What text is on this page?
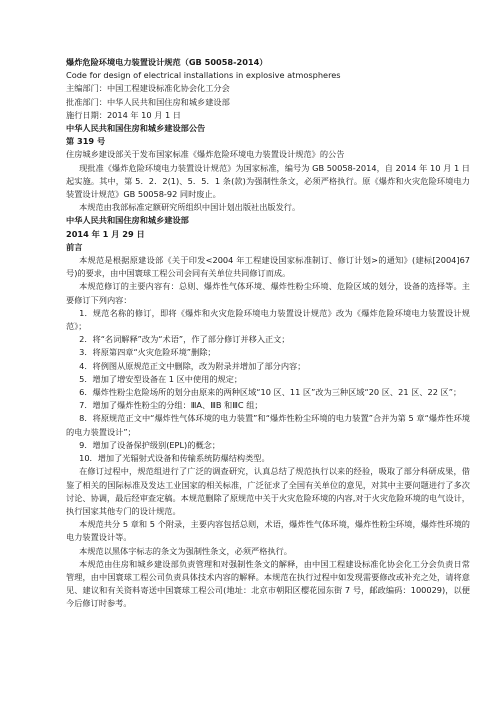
爆炸危险环境电力装置设计规范（GB 50058-2014）
Code for design of electrical installations in explosive atmospheres
主编部门：中国工程建设标准化协会化工分会
批准部门：中华人民共和国住房和城乡建设部
施行日期：2014 年 10 月 1 日
中华人民共和国住房和城乡建设部公告
第 319 号
住房城乡建设部关于发布国家标准《爆炸危险环境电力装置设计规范》的公告
现批准《爆炸危险环境电力装置设计规范》为国家标准，编号为 GB 50058-2014，自 2014 年 10 月 1 日起实施。其中，第 5．2．2(1)、5．5．1 条(款)为强制性条文，必须严格执行。原《爆炸和火灾危险环境电力装置设计规范》GB 50058-92 同时废止。
本规范由我部标准定额研究所组织中国计划出版社出版发行。
中华人民共和国住房和城乡建设部
2014 年 1 月 29 日
前言
本规范是根据原建设部《关于印发<2004 年工程建设国家标准制订、修订计划>的通知》(建标[2004]67 号)的要求，由中国寰球工程公司会同有关单位共同修订而成。
本规范修订的主要内容有：总则、爆炸性气体环境、爆炸性粉尘环境、危险区域的划分，设备的选择等。主要修订下列内容：
1．规范名称的修订，即将《爆炸和火灾危险环境电力装置设计规范》改为《爆炸危险环境电力装置设计规范》；
2．将“名词解释”改为“术语”，作了部分修订并移入正文；
3．将原第四章“火灾危险环境”删除；
4．将例图从原规范正文中删除，改为附录并增加了部分内容；
5．增加了增安型设备在 1 区中使用的规定；
6．爆炸性粉尘危险场所的划分由原来的两种区域“10 区、11 区”改为三种区域“20 区、21 区、22 区”；
7．增加了爆炸性粉尘的分组：ⅢA、ⅢB 和ⅢC 组；
8．将原规范正文中“爆炸性气体环境的电力装置”和“爆炸性粉尘环境的电力装置”合并为第 5 章“爆炸性环境的电力装置设计”；
9．增加了设备保护级别(EPL)的概念；
10．增加了光辐射式设备和传输系统防爆结构类型。
在修订过程中，规范组进行了广泛的调查研究，认真总结了规范执行以来的经验，吸取了部分科研成果，借鉴了相关的国际标准及发达工业国家的相关标准，广泛征求了全国有关单位的意见，对其中主要问题进行了多次讨论、协调，最后经审查定稿。本规范删除了原规范中关于火灾危险环境的内容,对于火灾危险环境的电气设计，执行国家其他专门的设计规范。
本规范共分 5 章和 5 个附录，主要内容包括总则，术语，爆炸性气体环境，爆炸性粉尘环境，爆炸性环境的电力装置设计等。
本规范以黑体字标志的条文为强制性条文，必须严格执行。
本规范由住房和城乡建设部负责管理和对强制性条文的解释，由中国工程建设标准化协会化工分会负责日常管理，由中国寰球工程公司负责具体技术内容的解释。本规范在执行过程中如发现需要修改或补充之处，请将意见、建议和有关资料寄送中国寰球工程公司(地址：北京市朝阳区樱花园东街 7 号，邮政编码：100029)，以便今后修订时参考。
